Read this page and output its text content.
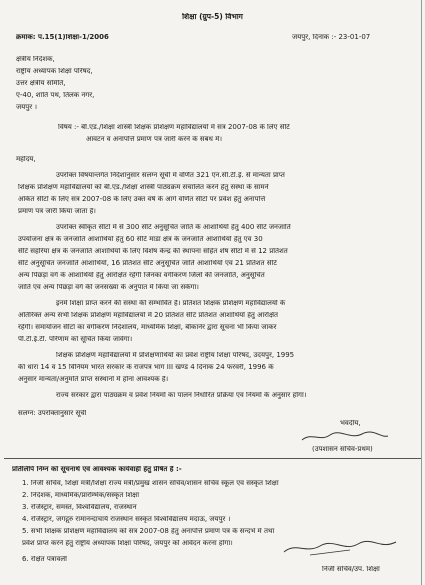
शिक्षा (ग्रुप-5) विभाग
क्रमांक: प.15(1)शिक्षा-1/2006	जयपुर, दिनांक :- 23-01-07
क्षेत्रीय निदेशक,
राष्ट्रीय अध्यापक शिक्षा परिषद,
उत्तर क्षेत्रीय समिति,
ए-40, शांति पथ, तिलक नगर,
जयपुर ।
विषय :- बी.एड./शिक्षा शास्त्री शिक्षक प्रशिक्षण महाविद्यालयों में सत्र 2007-08 के लिए सीटें
आवंटन व अनापत्ति प्रमाण पत्र जारी करने के संबंध में।
महोदय,
उपरोक्त विषयान्तर्गत निदेशानुसार संलग्न सूची में वर्णित 321 एन.सी.टी.ई. से मान्यता प्राप्त
शिक्षक प्रशिक्षण महाविद्यालयों को बी.एड./शिक्षा शास्त्री पाठ्यक्रम संचालित करने हेतु संस्था के सामने
अंकित सीटों के लिए सत्र 2007-08 के लिए उक्त वर्ष के आगे वर्णित सीटों पर प्रवेश हेतु अनापत्ति
प्रमाण पत्र जारी किया जाता है।
उपरोक्त स्वीकृत सीटों में से 300 सीटें अनुसूचित जाति के आशार्थियों हेतु 400 सीटें जनजाति
उपयोजना क्षेत्र के जनजाति आशार्थियों हेतु 60 सीटें माडा क्षेत्र के जनजाति आशार्थियों हेतु एवं 30
सीटें सहरिया क्षेत्र के जनजाति आशार्थियों के लिए विशेष केन्द्र की स्थापना सहित शेष सीटों में से 12 प्रतिशत
सीटें अनुसूचित जनजाति आशार्थियों, 16 प्रतिशत सीटें अनुसूचित जाति आशार्थियों एवं 21 प्रतिशत सीटें
अन्य पिछड़ा वर्ग के आशार्थियों हेतु आरक्षित रहेंगी जिनका वर्गीकरण जिलों की जनजाति, अनुसूचित
जाति एवं अन्य पिछड़ा वर्ग की जनसंख्या के अनुपात में किया जा सकेगा।
इनमें शिक्षा प्राप्त करने की संस्था की सम्भावित है। प्रतिशत शिक्षक प्रशिक्षण महाविद्यालयों के
अतिरिक्त अन्य सभी शिक्षक प्रशिक्षण महाविद्यालयों में 20 प्रतिशत सीटें प्रतिशत आशार्थियों हेतु आरक्षित
रहेंगी। समायोजन सीटों का वर्गीकरण निदेशालय, माध्यमिक शिक्षा, बीकानेर द्वारा सूचना भी किया जाकर
पी.टी.ई.टी. परिणाम को सूचित किया जावेगा।
शिक्षक प्रशिक्षण महाविद्यालयों में प्रशिक्षणार्थियों का प्रवेश राष्ट्रीय शिक्षा परिषद, उदयपुर, 1995
की धारा 14 व 15 विनियम भारत सरकार के राजपत्र भाग III खण्ड 4 दिनांक 24 फरवरी, 1996 के
अनुसार मान्यता/अनुमति प्राप्त संस्थानों में होना आवश्यक है।
राज्य सरकार द्वारा पाठ्यक्रम व प्रवेश नियमों का पालन निर्धारित प्रक्रिया एवं नियमों के अनुसार होगा।
संलग्न: उपरोक्तानुसार सूची
भवदीय,
(उपशासन सचिव-प्रथम)
प्रतिलिपि निम्न को सूचनार्थ एवं आवश्यक कार्यवाही हेतु प्रेषित है :-
1. निजी सचिव, शिक्षा मंत्री/शिक्षा राज्य मंत्री/प्रमुख शासन सचिव/शासन सचिव स्कूल एवं संस्कृत शिक्षा
2. निदेशक, माध्यमिक/प्रारम्भिक/संस्कृत शिक्षा
3. रजिस्ट्रार, समस्त, विश्वविद्यालय, राजस्थान
4. रजिस्ट्रार, जगद्गुरु रामानन्दाचार्य राजस्थान संस्कृत विश्वविद्यालय मदाऊ, जयपुर ।
5. सभी शिक्षक प्रशिक्षण महाविद्यालय को सत्र 2007-08 हेतु अनापत्ति प्रमाण पत्र के सन्दर्भ में तथा
प्रवेश प्राप्त करने हेतु राष्ट्रीय अध्यापक शिक्षा परिषद, जयपुर को आवेदन करना होगा।
6. रक्षित पत्रावली
निजी सचिव/उप. शिक्षा
